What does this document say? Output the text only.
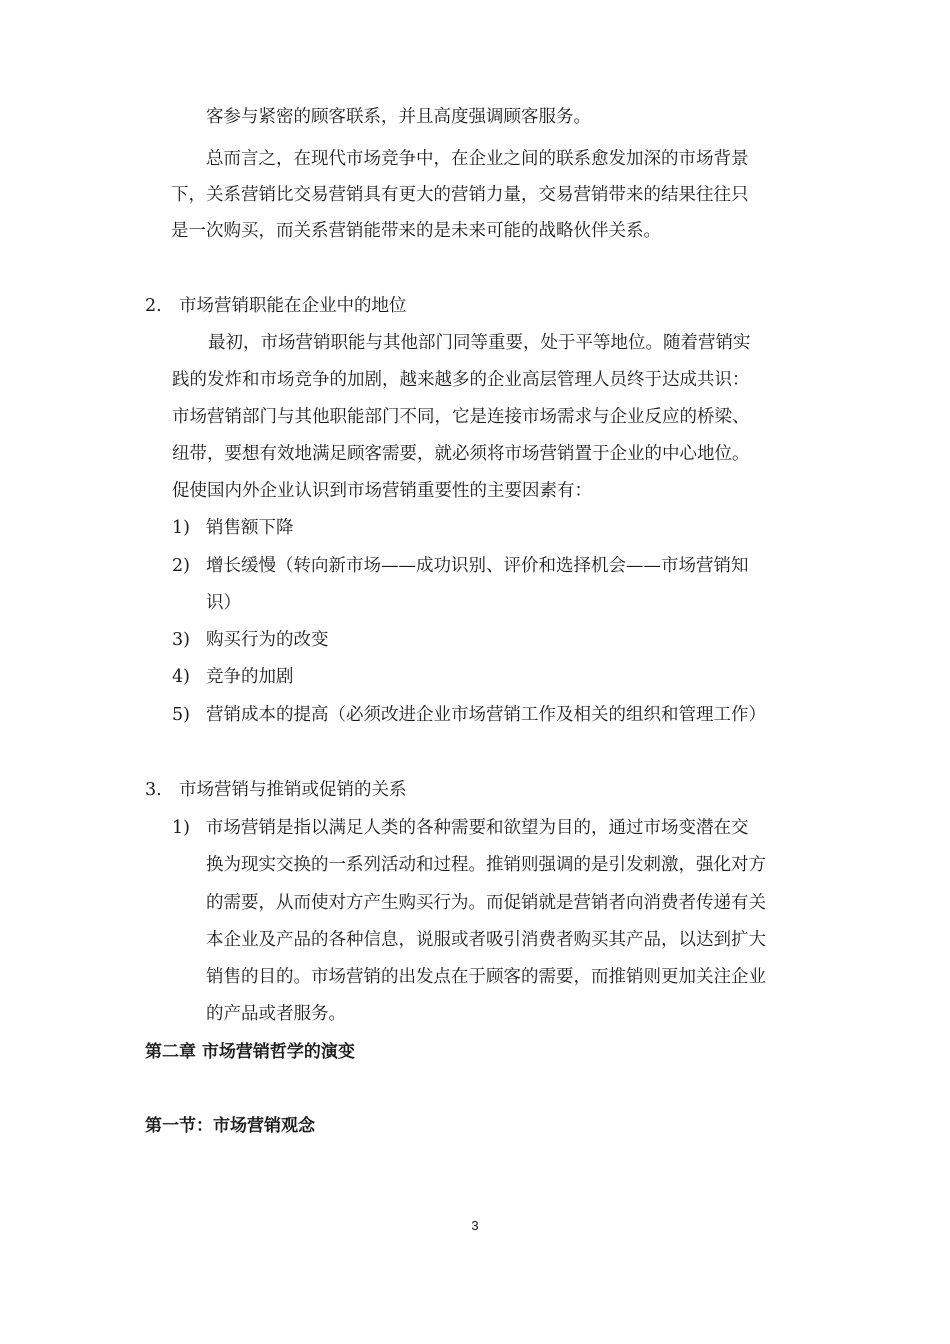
客参与紧密的顾客联系，并且高度强调顾客服务。
总而言之，在现代市场竞争中，在企业之间的联系愈发加深的市场背景
下，关系营销比交易营销具有更大的营销力量，交易营销带来的结果往往只
是一次购买，而关系营销能带来的是未来可能的战略伙伴关系。
2. 市场营销职能在企业中的地位
最初，市场营销职能与其他部门同等重要，处于平等地位。随着营销实
践的发炸和市场竞争的加剧，越来越多的企业高层管理人员终于达成共识：
市场营销部门与其他职能部门不同，它是连接市场需求与企业反应的桥梁、
纽带，要想有效地满足顾客需要，就必须将市场营销置于企业的中心地位。
促使国内外企业认识到市场营销重要性的主要因素有：
1) 销售额下降
2) 增长缓慢（转向新市场——成功识别、评价和选择机会——市场营销知
识）
3) 购买行为的改变
4) 竞争的加剧
5) 营销成本的提高（必须改进企业市场营销工作及相关的组织和管理工作）
3. 市场营销与推销或促销的关系
1) 市场营销是指以满足人类的各种需要和欲望为目的，通过市场变潜在交
换为现实交换的一系列活动和过程。推销则强调的是引发刺激，强化对方
的需要，从而使对方产生购买行为。而促销就是营销者向消费者传递有关
本企业及产品的各种信息，说服或者吸引消费者购买其产品，以达到扩大
销售的目的。市场营销的出发点在于顾客的需要，而推销则更加关注企业
的产品或者服务。
第二章 市场营销哲学的演变
第一节：市场营销观念
3
